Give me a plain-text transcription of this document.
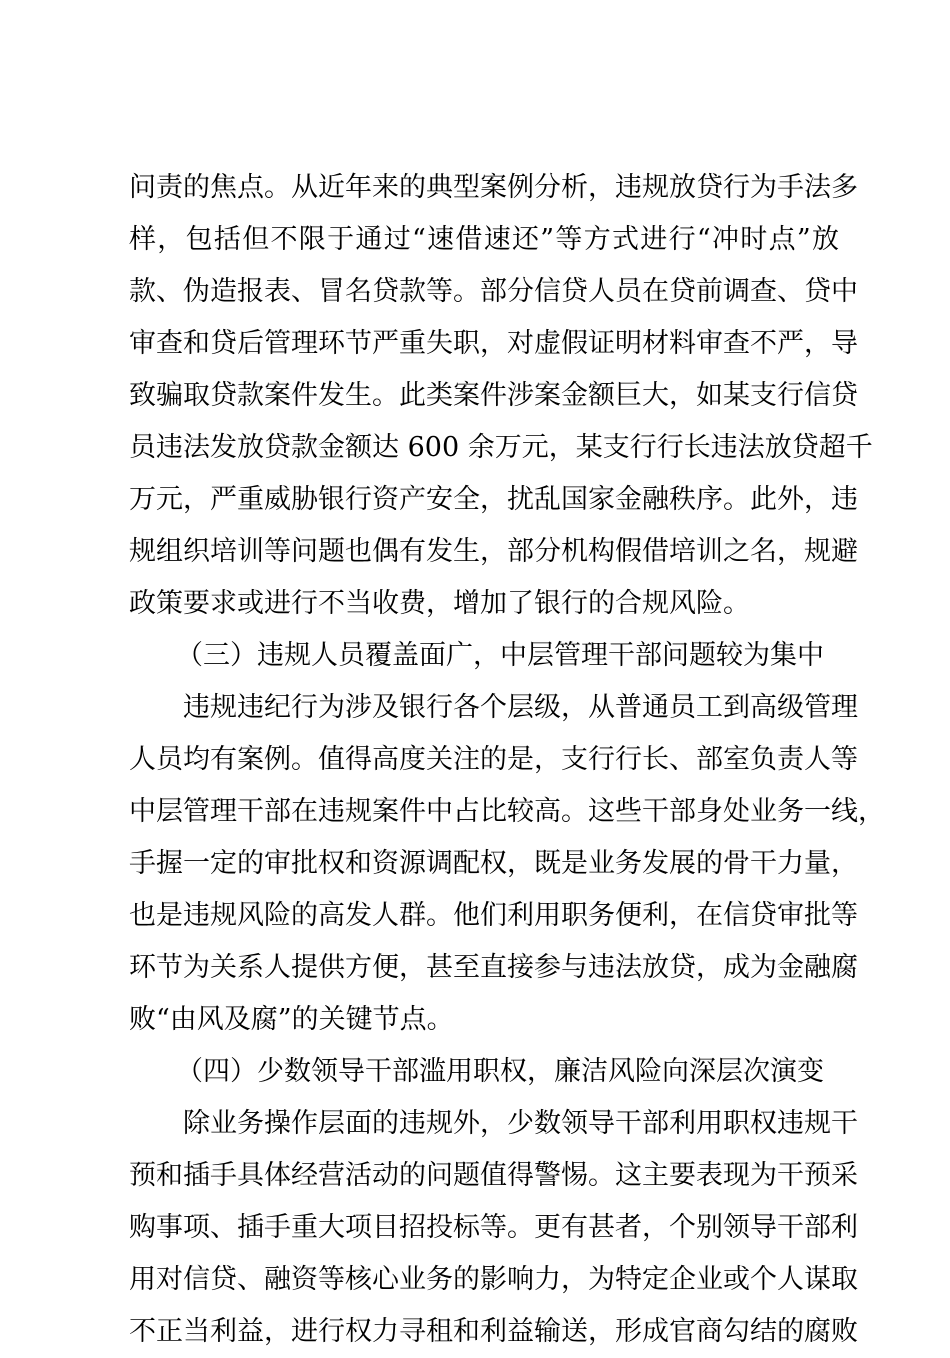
问责的焦点。从近年来的典型案例分析，违规放贷行为手法多
样，包括但不限于通过“速借速还”等方式进行“冲时点”放
款、伪造报表、冒名贷款等。部分信贷人员在贷前调查、贷中
审查和贷后管理环节严重失职，对虚假证明材料审查不严，导
致骗取贷款案件发生。此类案件涉案金额巨大，如某支行信贷
员违法发放贷款金额达 600 余万元，某支行行长违法放贷超千
万元，严重威胁银行资产安全，扰乱国家金融秩序。此外，违
规组织培训等问题也偶有发生，部分机构假借培训之名，规避
政策要求或进行不当收费，增加了银行的合规风险。
（三）违规人员覆盖面广，中层管理干部问题较为集中
违规违纪行为涉及银行各个层级，从普通员工到高级管理
人员均有案例。值得高度关注的是，支行行长、部室负责人等
中层管理干部在违规案件中占比较高。这些干部身处业务一线，
手握一定的审批权和资源调配权，既是业务发展的骨干力量，
也是违规风险的高发人群。他们利用职务便利，在信贷审批等
环节为关系人提供方便，甚至直接参与违法放贷，成为金融腐
败“由风及腐”的关键节点。
（四）少数领导干部滥用职权，廉洁风险向深层次演变
除业务操作层面的违规外，少数领导干部利用职权违规干
预和插手具体经营活动的问题值得警惕。这主要表现为干预采
购事项、插手重大项目招投标等。更有甚者，个别领导干部利
用对信贷、融资等核心业务的影响力，为特定企业或个人谋取
不正当利益，进行权力寻租和利益输送，形成官商勾结的腐败
